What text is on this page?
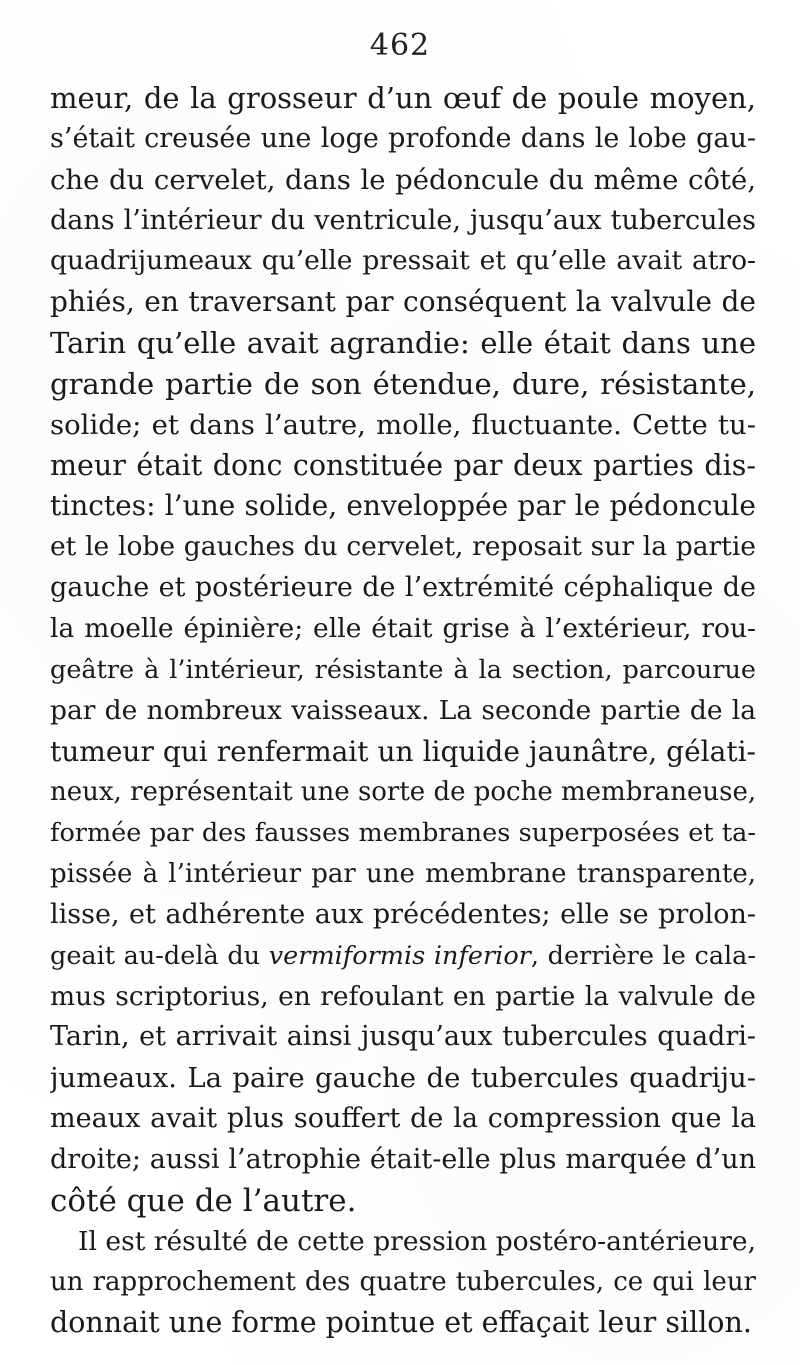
462
meur, de la grosseur d’un œuf de poule moyen,
s’était creusée une loge profonde dans le lobe gau-
che du cervelet, dans le pédoncule du même côté,
dans l’intérieur du ventricule, jusqu’aux tubercules
quadrijumeaux qu’elle pressait et qu’elle avait atro-
phiés, en traversant par conséquent la valvule de
Tarin qu’elle avait agrandie: elle était dans une
grande partie de son étendue, dure, résistante,
solide; et dans l’autre, molle, fluctuante. Cette tu-
meur était donc constituée par deux parties dis-
tinctes: l’une solide, enveloppée par le pédoncule
et le lobe gauches du cervelet, reposait sur la partie
gauche et postérieure de l’extrémité céphalique de
la moelle épinière; elle était grise à l’extérieur, rou-
geâtre à l’intérieur, résistante à la section, parcourue
par de nombreux vaisseaux. La seconde partie de la
tumeur qui renfermait un liquide jaunâtre, gélati-
neux, représentait une sorte de poche membraneuse,
formée par des fausses membranes superposées et ta-
pissée à l’intérieur par une membrane transparente,
lisse, et adhérente aux précédentes; elle se prolon-
geait au-delà du vermiformis inferior, derrière le cala-
mus scriptorius, en refoulant en partie la valvule de
Tarin, et arrivait ainsi jusqu’aux tubercules quadri-
jumeaux. La paire gauche de tubercules quadriju-
meaux avait plus souffert de la compression que la
droite; aussi l’atrophie était-elle plus marquée d’un
côté que de l’autre.
Il est résulté de cette pression postéro-antérieure,
un rapprochement des quatre tubercules, ce qui leur
donnait une forme pointue et effaçait leur sillon.
